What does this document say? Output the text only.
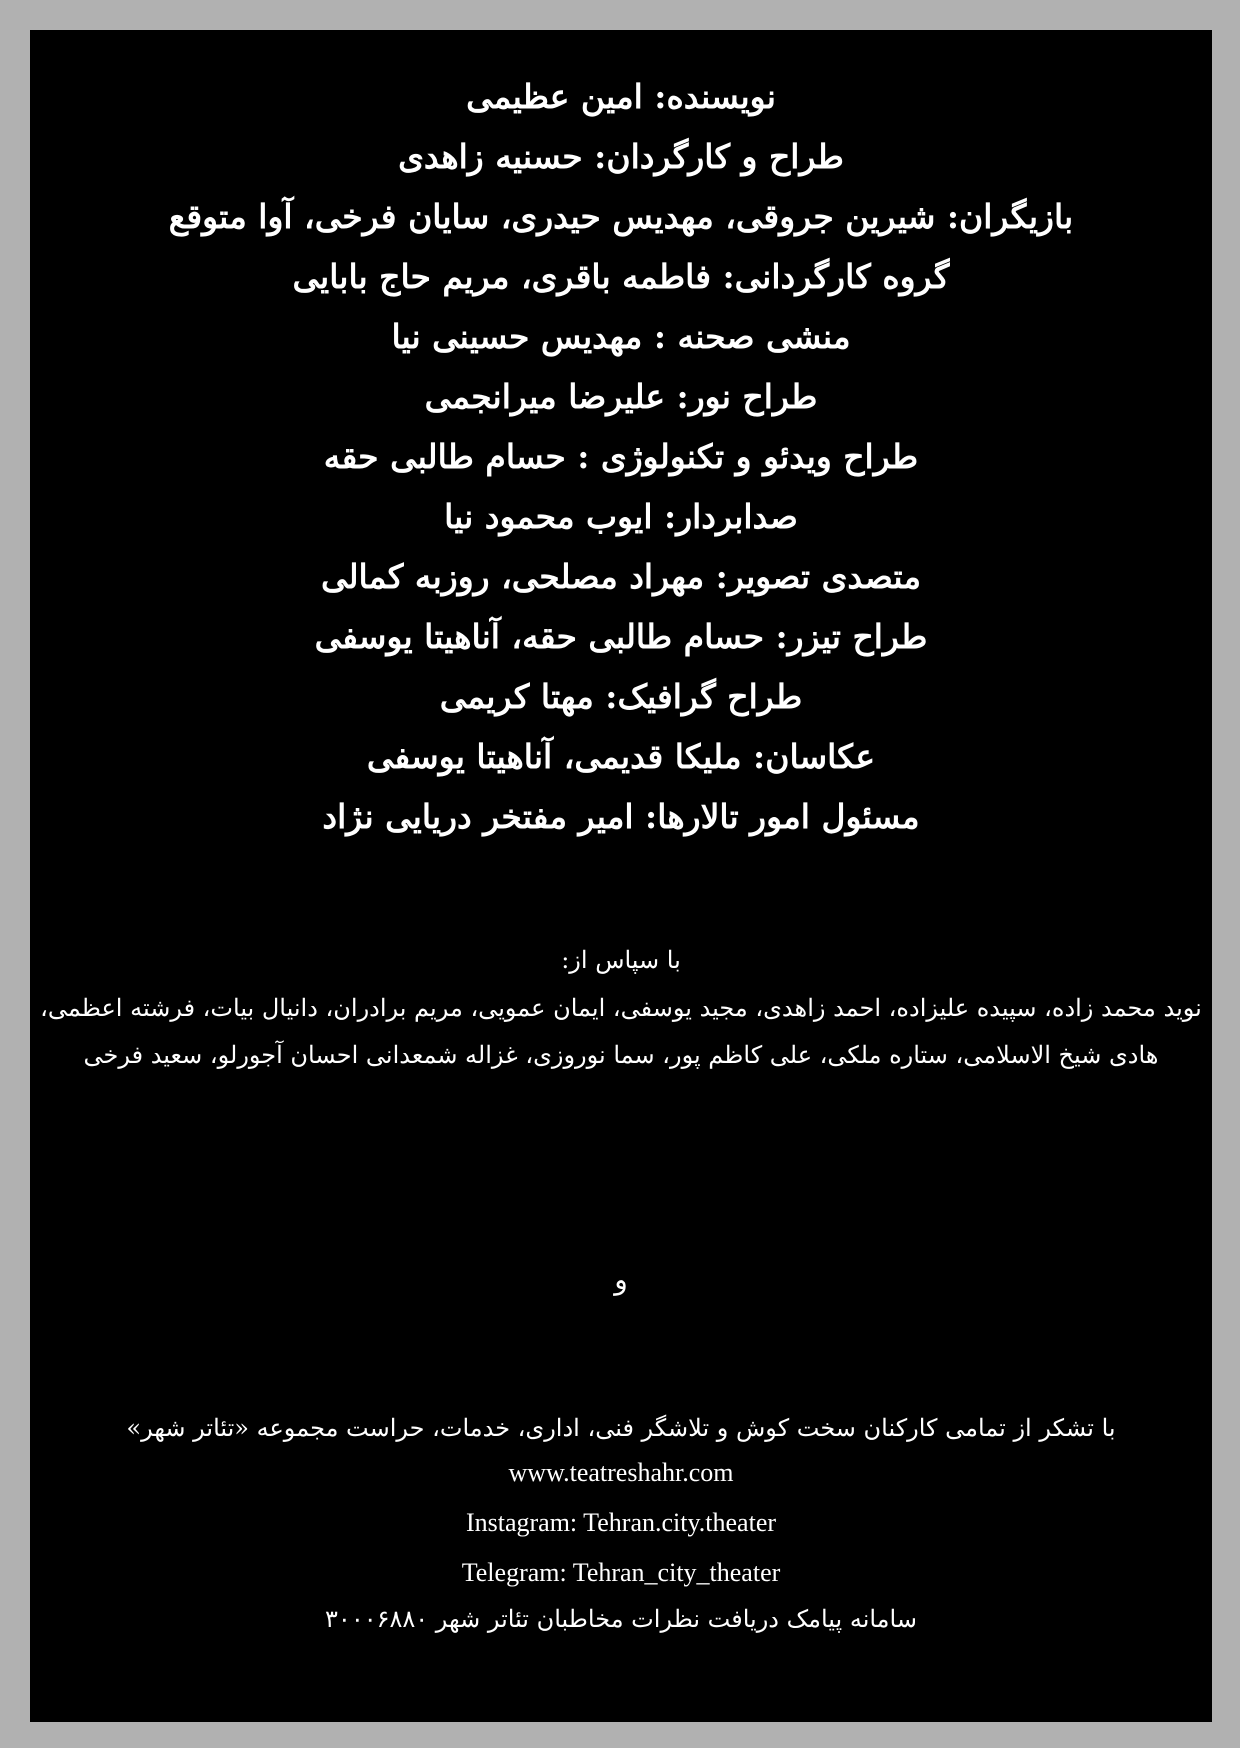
نویسنده: امین عظیمی
طراح و کارگردان: حسنیه زاهدی
بازیگران: شیرین جروقی، مهدیس حیدری، سایان فرخی، آوا متوقع
گروه کارگردانی: فاطمه باقری، مریم حاج بابایی
منشی صحنه : مهدیس حسینی نیا
طراح نور: علیرضا میرانجمی
طراح ویدئو و تکنولوژی : حسام طالبی حقه
صدابردار: ایوب محمود نیا
متصدی تصویر: مهراد مصلحی، روزبه کمالی
طراح تیزر: حسام طالبی حقه، آناهیتا یوسفی
طراح گرافیک: مهتا کریمی
عکاسان: ملیکا قدیمی، آناهیتا یوسفی
مسئول امور تالارها: امیر مفتخر دریایی نژاد
با سپاس از:
نوید محمد زاده، سپیده علیزاده، احمد زاهدی، مجید یوسفی، ایمان عمویی، مریم برادران، دانیال بیات، فرشته اعظمی، هادی شیخ الاسلامی، ستاره ملکی، علی کاظم پور، سما نوروزی، غزاله شمعدانی احسان آجورلو، سعید فرخی
و
با تشکر از تمامی کارکنان سخت کوش و تلاشگر فنی، اداری، خدمات، حراست مجموعه «تئاتر شهر»
www.teatreshahr.com
Instagram: Tehran.city.theater
Telegram: Tehran_city_theater
سامانه پیامک دریافت نظرات مخاطبان تئاتر شهر ۳۰۰۰۶۸۸۰
